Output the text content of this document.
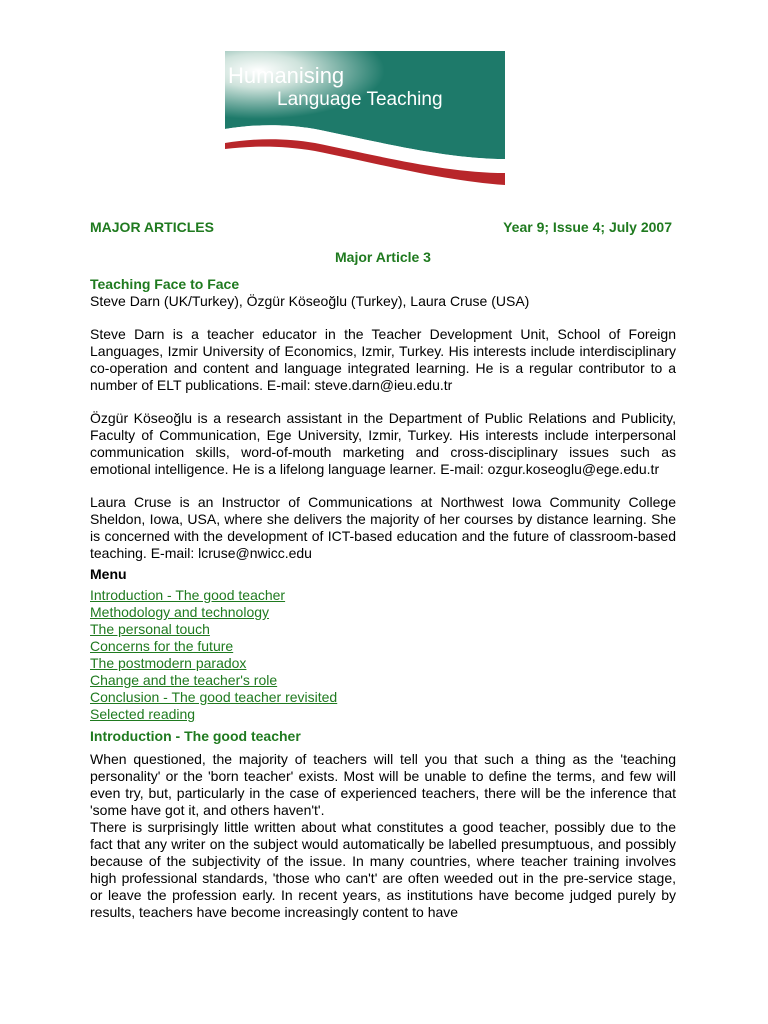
Humanising
Language Teaching
MAJOR ARTICLES	Year 9; Issue 4; July 2007
Major Article 3

Teaching Face to Face

Steve Darn (UK/Turkey), Özgür Köseoğlu (Turkey), Laura Cruse (USA)

Steve Darn is a teacher educator in the Teacher Development Unit, School of Foreign Languages, Izmir University of Economics, Izmir, Turkey. His interests include interdisciplinary co-operation and content and language integrated learning. He is a regular contributor to a number of ELT publications. E-mail: steve.darn@ieu.edu.tr

Özgür Köseoğlu is a research assistant in the Department of Public Relations and Publicity, Faculty of Communication, Ege University, Izmir, Turkey. His interests include interpersonal communication skills, word-of-mouth marketing and cross-disciplinary issues such as emotional intelligence. He is a lifelong language learner. E-mail: ozgur.koseoglu@ege.edu.tr

Laura Cruse is an Instructor of Communications at Northwest Iowa Community College Sheldon, Iowa, USA, where she delivers the majority of her courses by distance learning. She is concerned with the development of ICT-based education and the future of classroom-based teaching. E-mail: lcruse@nwicc.edu

Menu

Introduction - The good teacher
Methodology and technology
The personal touch
Concerns for the future
The postmodern paradox
Change and the teacher's role
Conclusion - The good teacher revisited
Selected reading

Introduction - The good teacher

When questioned, the majority of teachers will tell you that such a thing as the 'teaching personality' or the 'born teacher' exists. Most will be unable to define the terms, and few will even try, but, particularly in the case of experienced teachers, there will be the inference that 'some have got it, and others haven't'.

There is surprisingly little written about what constitutes a good teacher, possibly due to the fact that any writer on the subject would automatically be labelled presumptuous, and possibly because of the subjectivity of the issue. In many countries, where teacher training involves high professional standards, 'those who can't' are often weeded out in the pre-service stage, or leave the profession early. In recent years, as institutions have become judged purely by results, teachers have become increasingly content to have
